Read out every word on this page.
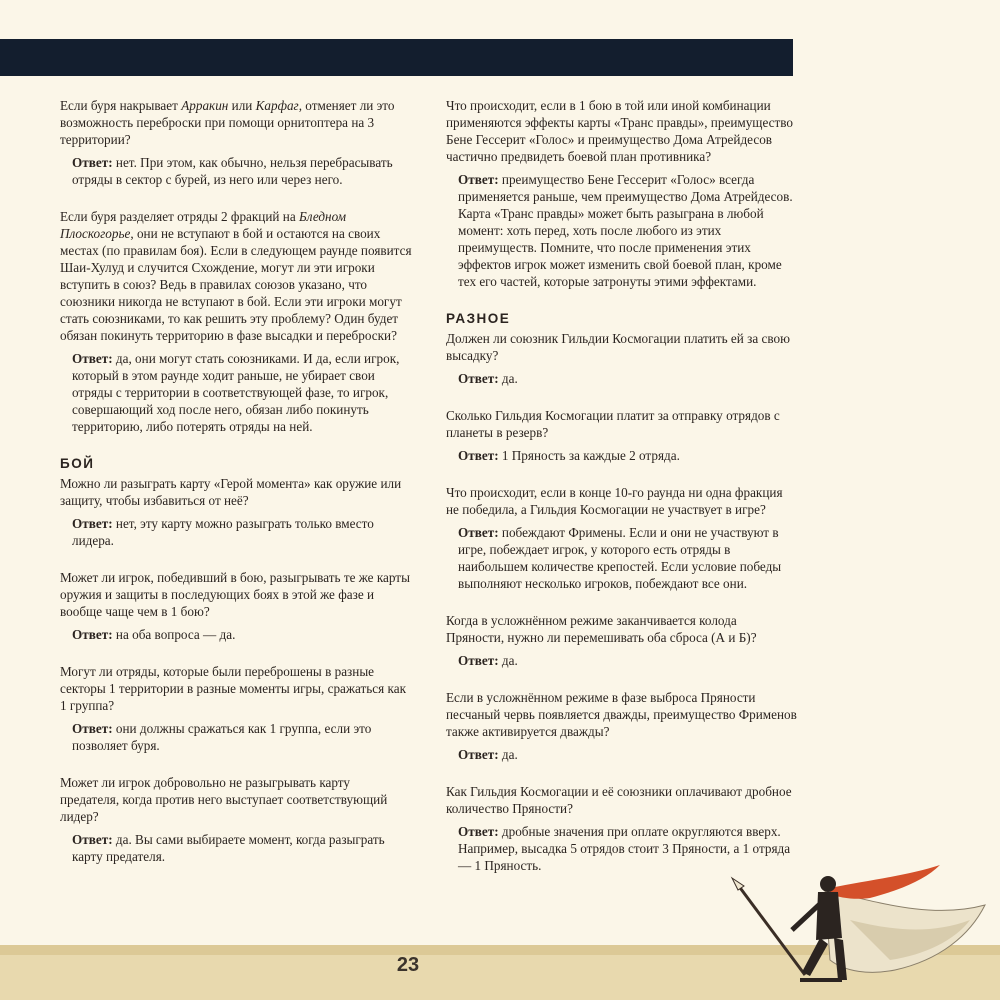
Если буря накрывает Арракин или Карфаг, отменяет ли это возможность переброски при помощи орнитоптера на 3 территории?

Ответ: нет. При этом, как обычно, нельзя перебрасывать отряды в сектор с бурей, из него или через него.

Если буря разделяет отряды 2 фракций на Бледном Плоскогорье, они не вступают в бой и остаются на своих местах (по правилам боя). Если в следующем раунде появится Шаи-Хулуд и случится Схождение, могут ли эти игроки вступить в союз? Ведь в правилах союзов указано, что союзники никогда не вступают в бой. Если эти игроки могут стать союзниками, то как решить эту проблему? Один будет обязан покинуть территорию в фазе высадки и переброски?

Ответ: да, они могут стать союзниками. И да, если игрок, который в этом раунде ходит раньше, не убирает свои отряды с территории в соответствующей фазе, то игрок, совершающий ход после него, обязан либо покинуть территорию, либо потерять отряды на ней.

БОЙ

Можно ли разыграть карту «Герой момента» как оружие или защиту, чтобы избавиться от неё?

Ответ: нет, эту карту можно разыграть только вместо лидера.

Может ли игрок, победивший в бою, разыгрывать те же карты оружия и защиты в последующих боях в этой же фазе и вообще чаще чем в 1 бою?

Ответ: на оба вопроса — да.

Могут ли отряды, которые были переброшены в разные секторы 1 территории в разные моменты игры, сражаться как 1 группа?

Ответ: они должны сражаться как 1 группа, если это позволяет буря.

Может ли игрок добровольно не разыгрывать карту предателя, когда против него выступает соответствующий лидер?

Ответ: да. Вы сами выбираете момент, когда разыграть карту предателя.

Что происходит, если в 1 бою в той или иной комбинации применяются эффекты карты «Транс правды», преимущество Бене Гессерит «Голос» и преимущество Дома Атрейдесов частично предвидеть боевой план противника?

Ответ: преимущество Бене Гессерит «Голос» всегда применяется раньше, чем преимущество Дома Атрейдесов. Карта «Транс правды» может быть разыграна в любой момент: хоть перед, хоть после любого из этих преимуществ. Помните, что после применения этих эффектов игрок может изменить свой боевой план, кроме тех его частей, которые затронуты этими эффектами.

РАЗНОЕ

Должен ли союзник Гильдии Космогации платить ей за свою высадку?

Ответ: да.

Сколько Гильдия Космогации платит за отправку отрядов с планеты в резерв?

Ответ: 1 Пряность за каждые 2 отряда.

Что происходит, если в конце 10-го раунда ни одна фракция не победила, а Гильдия Космогации не участвует в игре?

Ответ: побеждают Фримены. Если и они не участвуют в игре, побеждает игрок, у которого есть отряды в наибольшем количестве крепостей. Если условие победы выполняют несколько игроков, побеждают все они.

Когда в усложнённом режиме заканчивается колода Пряности, нужно ли перемешивать оба сброса (А и Б)?

Ответ: да.

Если в усложнённом режиме в фазе выброса Пряности песчаный червь появляется дважды, преимущество Фрименов также активируется дважды?

Ответ: да.

Как Гильдия Космогации и её союзники оплачивают дробное количество Пряности?

Ответ: дробные значения при оплате округляются вверх. Например, высадка 5 отрядов стоит 3 Пряности, а 1 отряда — 1 Пряность.

23
